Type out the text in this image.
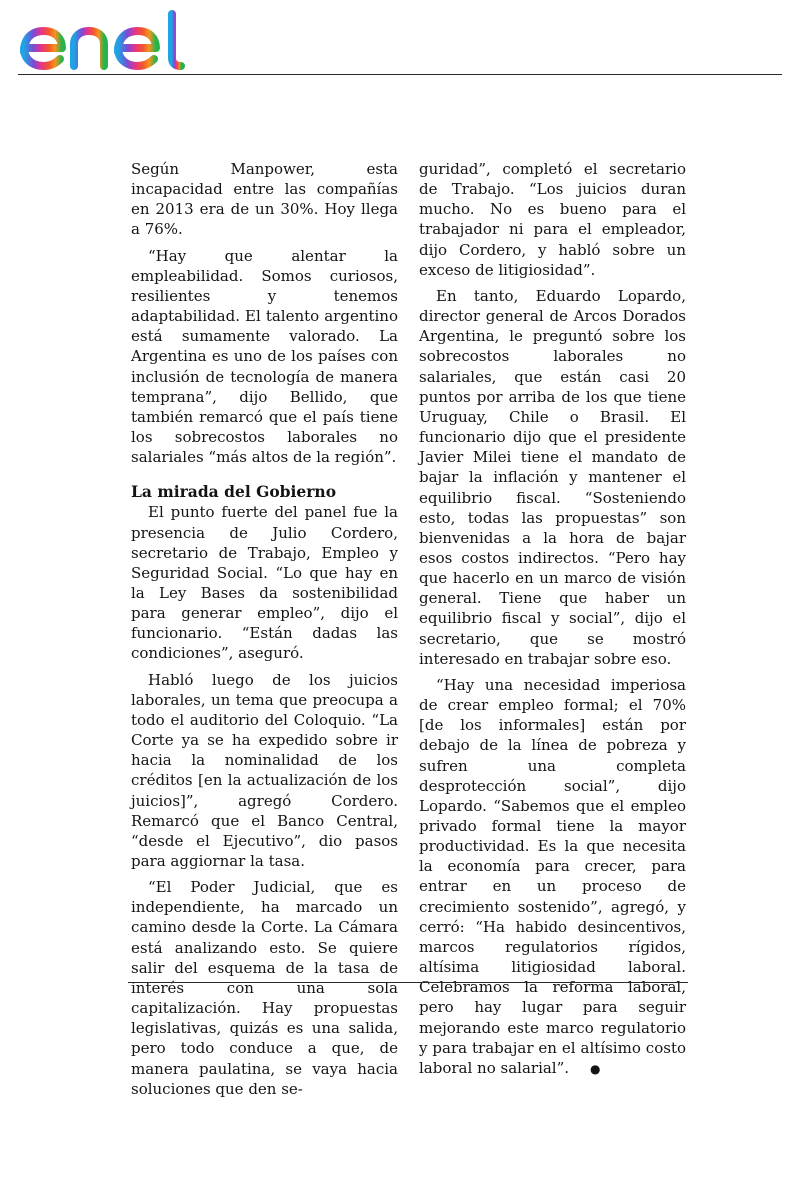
Según Manpower, esta incapacidad entre las compañías en 2013 era de un 30%. Hoy llega a 76%.

“Hay que alentar la empleabilidad. Somos curiosos, resilientes y tenemos adaptabilidad. El talento argentino está sumamente valorado. La Argentina es uno de los países con inclusión de tecnología de manera temprana”, dijo Bellido, que también remarcó que el país tiene los sobrecostos laborales no salariales “más altos de la región”.

La mirada del Gobierno

El punto fuerte del panel fue la presencia de Julio Cordero, secretario de Trabajo, Empleo y Seguridad Social. “Lo que hay en la Ley Bases da sostenibilidad para generar empleo”, dijo el funcionario. “Están dadas las condiciones”, aseguró.

Habló luego de los juicios laborales, un tema que preocupa a todo el auditorio del Coloquio. “La Corte ya se ha expedido sobre ir hacia la nominalidad de los créditos [en la actualización de los juicios]”, agregó Cordero. Remarcó que el Banco Central, “desde el Ejecutivo”, dio pasos para aggiornar la tasa.

“El Poder Judicial, que es independiente, ha marcado un camino desde la Corte. La Cámara está analizando esto. Se quiere salir del esquema de la tasa de interés con una sola capitalización. Hay propuestas legislativas, quizás es una salida, pero todo conduce a que, de manera paulatina, se vaya hacia soluciones que den se-

guridad”, completó el secretario de Trabajo. “Los juicios duran mucho. No es bueno para el trabajador ni para el empleador, dijo Cordero, y habló sobre un exceso de litigiosidad”.

En tanto, Eduardo Lopardo, director general de Arcos Dorados Argentina, le preguntó sobre los sobrecostos laborales no salariales, que están casi 20 puntos por arriba de los que tiene Uruguay, Chile o Brasil. El funcionario dijo que el presidente Javier Milei tiene el mandato de bajar la inflación y mantener el equilibrio fiscal. “Sosteniendo esto, todas las propuestas” son bienvenidas a la hora de bajar esos costos indirectos. “Pero hay que hacerlo en un marco de visión general. Tiene que haber un equilibrio fiscal y social”, dijo el secretario, que se mostró interesado en trabajar sobre eso.

“Hay una necesidad imperiosa de crear empleo formal; el 70% [de los informales] están por debajo de la línea de pobreza y sufren una completa desprotección social”, dijo Lopardo. “Sabemos que el empleo privado formal tiene la mayor productividad. Es la que necesita la economía para crecer, para entrar en un proceso de crecimiento sostenido”, agregó, y cerró: “Ha habido desincentivos, marcos regulatorios rígidos, altísima litigiosidad laboral. Celebramos la reforma laboral, pero hay lugar para seguir mejorando este marco regulatorio y para trabajar en el altísimo costo laboral no salarial”. ●
